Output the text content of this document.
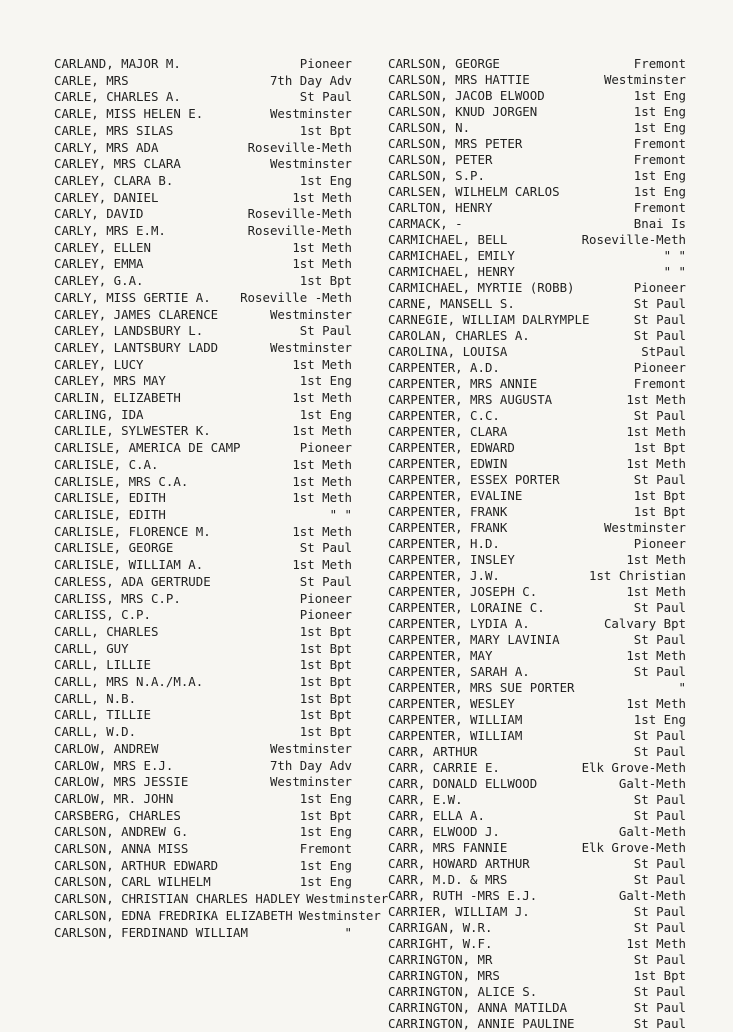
CARLAND, MAJOR M.	Pioneer
CARLE, MRS	7th Day Adv
CARLE, CHARLES A.	St Paul
CARLE, MISS HELEN E.	Westminster
CARLE, MRS SILAS	1st Bpt
CARLY, MRS ADA	Roseville-Meth
CARLEY, MRS CLARA	Westminster
CARLEY, CLARA B.	1st Eng
CARLEY, DANIEL	1st Meth
CARLY, DAVID	Roseville-Meth
CARLY, MRS E.M.	Roseville-Meth
CARLEY, ELLEN	1st Meth
CARLEY, EMMA	1st Meth
CARLEY, G.A.	1st Bpt
CARLY, MISS GERTIE A.	Roseville -Meth
CARLEY, JAMES CLARENCE	Westminster
CARLEY, LANDSBURY L.	St Paul
CARLEY, LANTSBURY LADD	Westminster
CARLEY, LUCY	1st Meth
CARLEY, MRS MAY	1st Eng
CARLIN, ELIZABETH	1st Meth
CARLING, IDA	1st Eng
CARLILE, SYLWESTER K.	1st Meth
CARLISLE, AMERICA DE CAMP	Pioneer
CARLISLE, C.A.	1st Meth
CARLISLE, MRS C.A.	1st Meth
CARLISLE, EDITH	1st Meth
CARLISLE, EDITH	" "
CARLISLE, FLORENCE M.	1st Meth
CARLISLE, GEORGE	St Paul
CARLISLE, WILLIAM A.	1st Meth
CARLESS, ADA GERTRUDE	St Paul
CARLISS, MRS C.P.	Pioneer
CARLISS, C.P.	Pioneer
CARLL, CHARLES	1st Bpt
CARLL, GUY	1st Bpt
CARLL, LILLIE	1st Bpt
CARLL, MRS N.A./M.A.	1st Bpt
CARLL, N.B.	1st Bpt
CARLL, TILLIE	1st Bpt
CARLL, W.D.	1st Bpt
CARLOW, ANDREW	Westminster
CARLOW, MRS E.J.	7th Day Adv
CARLOW, MRS JESSIE	Westminster
CARLOW, MR. JOHN	1st Eng
CARSBERG, CHARLES	1st Bpt
CARLSON, ANDREW G.	1st Eng
CARLSON, ANNA MISS	Fremont
CARLSON, ARTHUR EDWARD	1st Eng
CARLSON, CARL WILHELM	1st Eng
CARLSON, CHRISTIAN CHARLES HADLEY Westminster
CARLSON, EDNA FREDRIKA ELIZABETH Westminster
CARLSON, FERDINAND WILLIAM	"
CARLSON, GEORGE	Fremont
CARLSON, MRS HATTIE	Westminster
CARLSON, JACOB ELWOOD	1st Eng
CARLSON, KNUD JORGEN	1st Eng
CARLSON, N.	1st Eng
CARLSON, MRS PETER	Fremont
CARLSON, PETER	Fremont
CARLSON, S.P.	1st Eng
CARLSEN, WILHELM CARLOS	1st Eng
CARLTON, HENRY	Fremont
CARMACK, -	Bnai Is
CARMICHAEL, BELL	Roseville-Meth
CARMICHAEL, EMILY	" "
CARMICHAEL, HENRY	" "
CARMICHAEL, MYRTIE (ROBB)	Pioneer
CARNE, MANSELL S.	St Paul
CARNEGIE, WILLIAM DALRYMPLE	St Paul
CAROLAN, CHARLES A.	St Paul
CAROLINA, LOUISA	StPaul
CARPENTER, A.D.	Pioneer
CARPENTER, MRS ANNIE	Fremont
CARPENTER, MRS AUGUSTA	1st Meth
CARPENTER, C.C.	St Paul
CARPENTER, CLARA	1st Meth
CARPENTER, EDWARD	1st Bpt
CARPENTER, EDWIN	1st Meth
CARPENTER, ESSEX PORTER	St Paul
CARPENTER, EVALINE	1st Bpt
CARPENTER, FRANK	1st Bpt
CARPENTER, FRANK	Westminster
CARPENTER, H.D.	Pioneer
CARPENTER, INSLEY	1st Meth
CARPENTER, J.W.	1st Christian
CARPENTER, JOSEPH C.	1st Meth
CARPENTER, LORAINE C.	St Paul
CARPENTER, LYDIA A.	Calvary Bpt
CARPENTER, MARY LAVINIA	St Paul
CARPENTER, MAY	1st Meth
CARPENTER, SARAH A.	St Paul
CARPENTER, MRS SUE PORTER	"
CARPENTER, WESLEY	1st Meth
CARPENTER, WILLIAM	1st Eng
CARPENTER, WILLIAM	St Paul
CARR, ARTHUR	St Paul
CARR, CARRIE E.	Elk Grove-Meth
CARR, DONALD ELLWOOD	Galt-Meth
CARR, E.W.	St Paul
CARR, ELLA A.	St Paul
CARR, ELWOOD J.	Galt-Meth
CARR, MRS FANNIE	Elk Grove-Meth
CARR, HOWARD ARTHUR	St Paul
CARR, M.D. & MRS	St Paul
CARR, RUTH -MRS E.J.	Galt-Meth
CARRIER, WILLIAM J.	St Paul
CARRIGAN, W.R.	St Paul
CARRIGHT, W.F.	1st Meth
CARRINGTON, MR	St Paul
CARRINGTON, MRS	1st Bpt
CARRINGTON, ALICE S.	St Paul
CARRINGTON, ANNA MATILDA	St Paul
CARRINGTON, ANNIE PAULINE	St Paul
